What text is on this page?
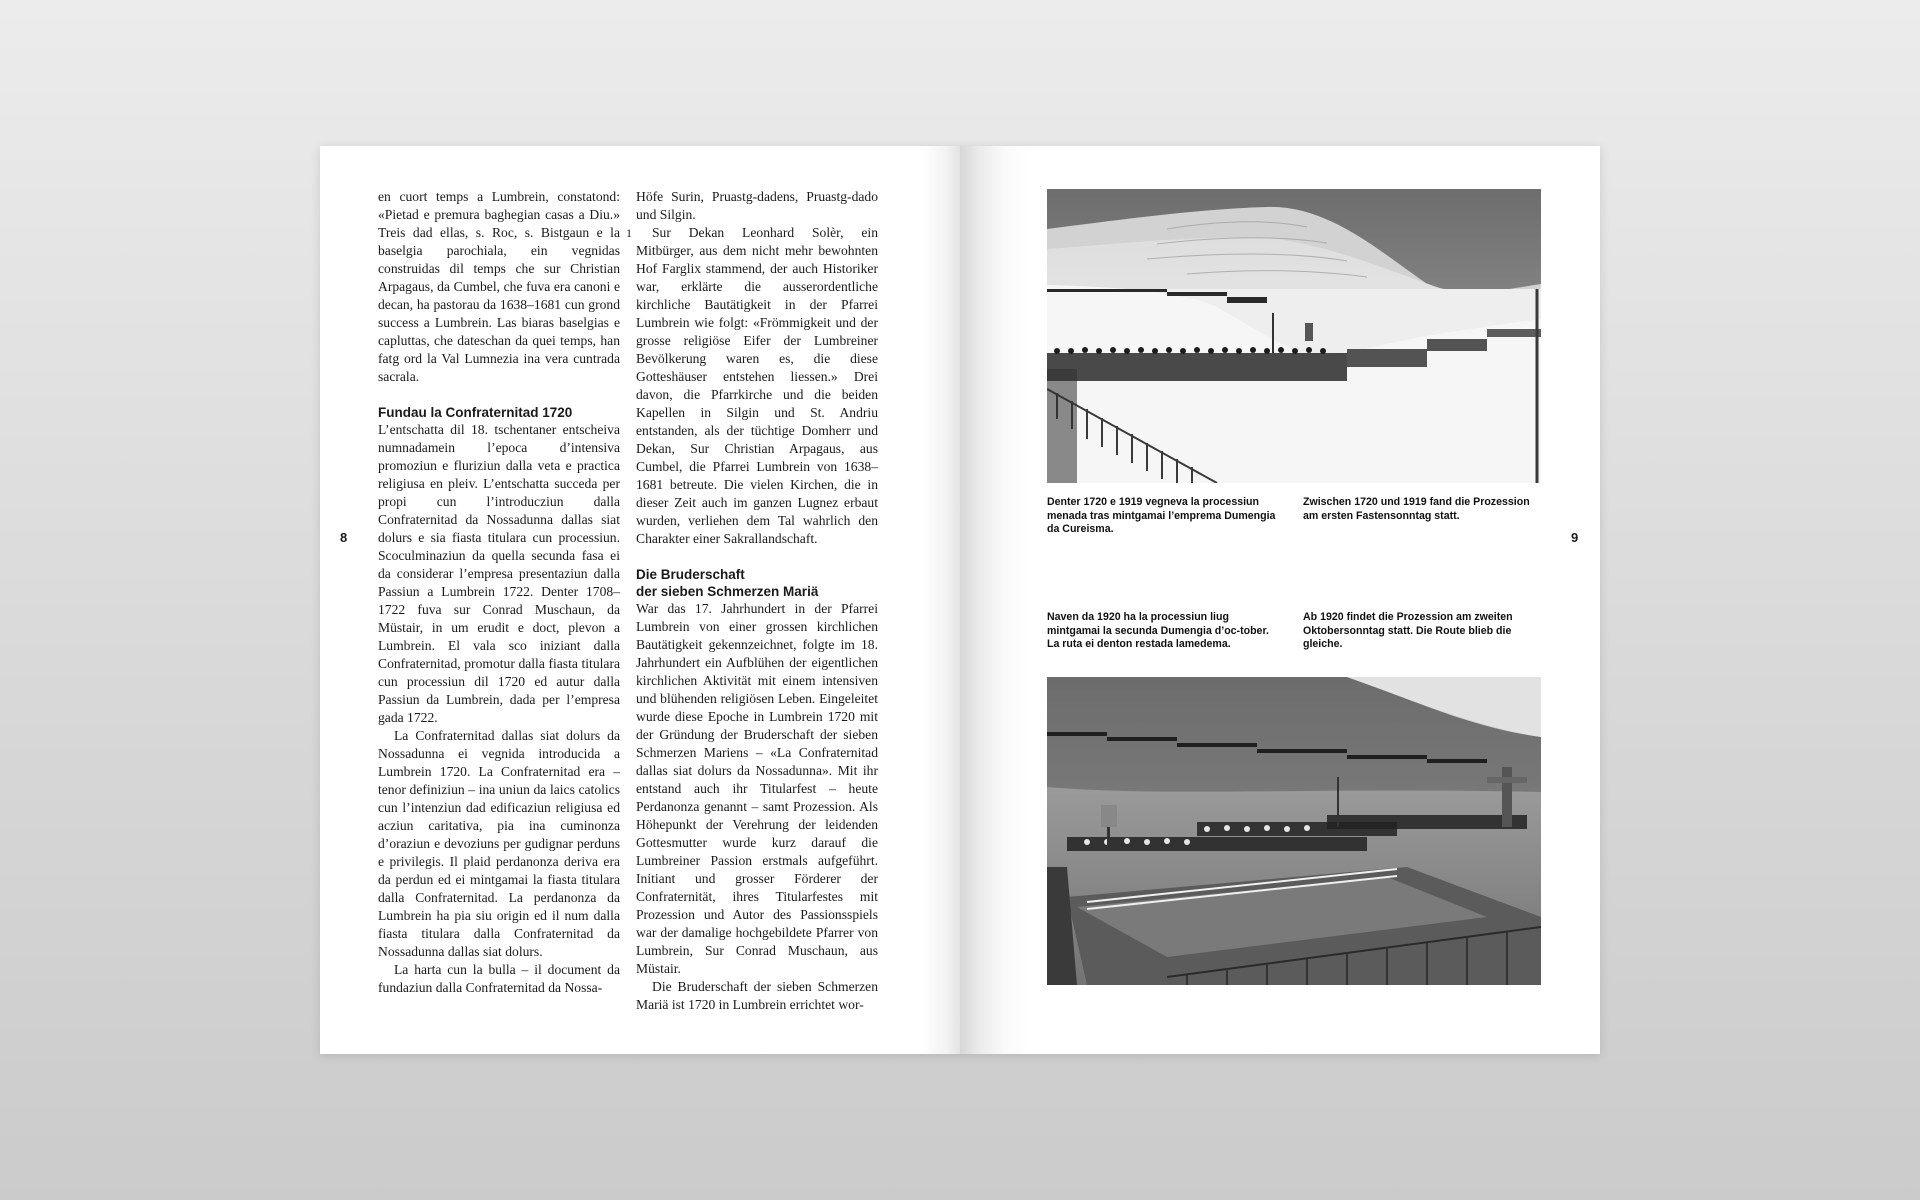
8
1

en cuort temps a Lumbrein, constatond: «Pietad e premura baghegian casas a Diu.» Treis dad ellas, s. Roc, s. Bistgaun e la baselgia parochiala, ein vegnidas construidas dil temps che sur Christian Arpagaus, da Cumbel, che fuva era canoni e decan, ha pastorau da 1638–1681 cun grond success a Lumbrein. Las biaras baselgias e capluttas, che dateschan da quei temps, han fatg ord la Val Lumnezia ina vera cuntrada sacrala.

Fundau la Confraternitad 1720

L’entschatta dil 18. tschentaner entscheiva numnadamein l’epoca d’intensiva promoziun e fluriziun dalla veta e practica religiusa en pleiv. L’entschatta succeda per propi cun l’introducziun dalla Confraternitad da Nossadunna dallas siat dolurs e sia fiasta titulara cun processiun. Scoculminaziun da quella secunda fasa ei da considerar l’empresa presentaziun dalla Passiun a Lumbrein 1722. Denter 1708–1722 fuva sur Conrad Muschaun, da Müstair, in um erudit e doct, plevon a Lumbrein. El vala sco iniziant dalla Confraternitad, promotur dalla fiasta titulara cun processiun dil 1720 ed autur dalla Passiun da Lumbrein, dada per l’empresa gada 1722.

La Confraternitad dallas siat dolurs da Nossadunna ei vegnida introducida a Lumbrein 1720. La Confraternitad era – tenor definiziun – ina uniun da laics catolics cun l’intenziun dad edificaziun religiusa ed acziun caritativa, pia ina cuminonza d’oraziun e devoziuns per gudignar perduns e privilegis. Il plaid perdanonza deriva era da perdun ed ei mintgamai la fiasta titulara dalla Confraternitad. La perdanonza da Lumbrein ha pia siu origin ed il num dalla fiasta titulara dalla Confraternitad da Nossadunna dallas siat dolurs.

La harta cun la bulla – il document da fundaziun dalla Confraternitad da Nossa-

Höfe Surin, Pruastg-dadens, Pruastg-dado und Silgin.

Sur Dekan Leonhard Solèr, ein Mitbürger, aus dem nicht mehr bewohnten Hof Farglix stammend, der auch Historiker war, erklärte die ausserordentliche kirchliche Bautätigkeit in der Pfarrei Lumbrein wie folgt: «Frömmigkeit und der grosse religiöse Eifer der Lumbreiner Bevölkerung waren es, die diese Gotteshäuser entstehen liessen.» Drei davon, die Pfarrkirche und die beiden Kapellen in Silgin und St. Andriu entstanden, als der tüchtige Domherr und Dekan, Sur Christian Arpagaus, aus Cumbel, die Pfarrei Lumbrein von 1638–1681 betreute. Die vielen Kirchen, die in dieser Zeit auch im ganzen Lugnez erbaut wurden, verliehen dem Tal wahrlich den Charakter einer Sakrallandschaft.

Die Bruderschaft
der sieben Schmerzen Mariä

War das 17. Jahrhundert in der Pfarrei Lumbrein von einer grossen kirchlichen Bautätigkeit gekennzeichnet, folgte im 18. Jahrhundert ein Aufblühen der eigentlichen kirchlichen Aktivität mit einem intensiven und blühenden religiösen Leben. Eingeleitet wurde diese Epoche in Lumbrein 1720 mit der Gründung der Bruderschaft der sieben Schmerzen Mariens – «La Confraternitad dallas siat dolurs da Nossadunna». Mit ihr entstand auch ihr Titularfest – heute Perdanonza genannt – samt Prozession. Als Höhepunkt der Verehrung der leidenden Gottesmutter wurde kurz darauf die Lumbreiner Passion erstmals aufgeführt. Initiant und grosser Förderer der Confraternität, ihres Titularfestes mit Prozession und Autor des Passionsspiels war der damalige hochgebildete Pfarrer von Lumbrein, Sur Conrad Muschaun, aus Müstair.

Die Bruderschaft der sieben Schmerzen Mariä ist 1720 in Lumbrein errichtet wor-

9
Denter 1720 e 1919 vegneva la processiun menada tras mintgamai l’emprema Dumengia da Cureisma.
Zwischen 1720 und 1919 fand die Prozession am ersten Fastensonntag statt.
Naven da 1920 ha la processiun liug mintgamai la secunda Dumengia d’oc-tober. La ruta ei denton restada lamedema.
Ab 1920 findet die Prozession am zweiten Oktobersonntag statt. Die Route blieb die gleiche.
